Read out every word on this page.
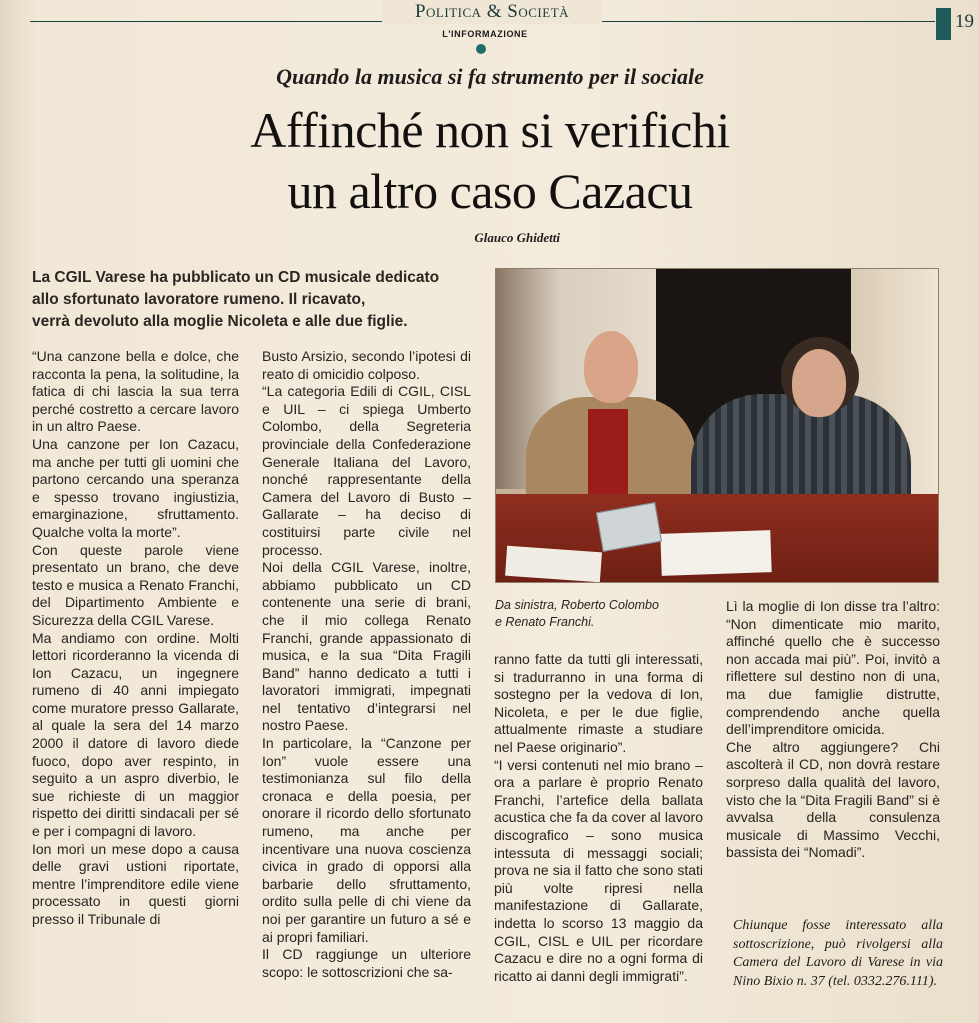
Politica & Società
L'INFORMAZIONE
19
Quando la musica si fa strumento per il sociale
Affinché non si verifichi
un altro caso Cazacu
Glauco Ghidetti
La CGIL Varese ha pubblicato un CD musicale dedicato
allo sfortunato lavoratore rumeno. Il ricavato,
verrà devoluto alla moglie Nicoleta e alle due figlie.

“Una canzone bella e dolce, che racconta la pena, la solitudine, la fatica di chi lascia la sua terra perché costretto a cercare lavoro in un altro Paese.

Una canzone per Ion Cazacu, ma anche per tutti gli uomini che partono cercando una speranza e spesso trovano ingiustizia, emarginazione, sfruttamento. Qualche volta la morte”.

Con queste parole viene presentato un brano, che deve testo e musica a Renato Franchi, del Dipartimento Ambiente e Sicurezza della CGIL Varese.

Ma andiamo con ordine. Molti lettori ricorderanno la vicenda di Ion Cazacu, un ingegnere rumeno di 40 anni impiegato come muratore presso Gallarate, al quale la sera del 14 marzo 2000 il datore di lavoro diede fuoco, dopo aver respinto, in seguito a un aspro diverbio, le sue richieste di un maggior rispetto dei diritti sindacali per sé e per i compagni di lavoro.

Ion morì un mese dopo a causa delle gravi ustioni riportate, mentre l’imprenditore edile viene processato in questi giorni presso il Tribunale di

Busto Arsizio, secondo l’ipotesi di reato di omicidio colposo.

“La categoria Edili di CGIL, CISL e UIL – ci spiega Umberto Colombo, della Segreteria provinciale della Confederazione Generale Italiana del Lavoro, nonché rappresentante della Camera del Lavoro di Busto – Gallarate – ha deciso di costituirsi parte civile nel processo.

Noi della CGIL Varese, inoltre, abbiamo pubblicato un CD contenente una serie di brani, che il mio collega Renato Franchi, grande appassionato di musica, e la sua “Dita Fragili Band” hanno dedicato a tutti i lavoratori immigrati, impegnati nel tentativo d’integrarsi nel nostro Paese.

In particolare, la “Canzone per Ion” vuole essere una testimonianza sul filo della cronaca e della poesia, per onorare il ricordo dello sfortunato rumeno, ma anche per incentivare una nuova coscienza civica in grado di opporsi alla barbarie dello sfruttamento, ordito sulla pelle di chi viene da noi per garantire un futuro a sé e ai propri familiari.

Il CD raggiunge un ulteriore scopo: le sottoscrizioni che sa-

Da sinistra, Roberto Colombo
e Renato Franchi.

ranno fatte da tutti gli interessati, si tradurranno in una forma di sostegno per la vedova di Ion, Nicoleta, e per le due figlie, attualmente rimaste a studiare nel Paese originario”.

“I versi contenuti nel mio brano – ora a parlare è proprio Renato Franchi, l’artefice della ballata acustica che fa da cover al lavoro discografico – sono musica intessuta di messaggi sociali; prova ne sia il fatto che sono stati più volte ripresi nella manifestazione di Gallarate, indetta lo scorso 13 maggio da CGIL, CISL e UIL per ricordare Cazacu e dire no a ogni forma di ricatto ai danni degli immigrati”.

Lì la moglie di Ion disse tra l’altro: “Non dimenticate mio marito, affinché quello che è successo non accada mai più”. Poi, invitò a riflettere sul destino non di una, ma due famiglie distrutte, comprendendo anche quella dell’imprenditore omicida.

Che altro aggiungere? Chi ascolterà il CD, non dovrà restare sorpreso dalla qualità del lavoro, visto che la “Dita Fragili Band” si è avvalsa della consulenza musicale di Massimo Vecchi, bassista dei “Nomadi”.

Chiunque fosse interessato alla sottoscrizione, può rivolgersi alla Camera del Lavoro di Varese in via Nino Bixio n. 37 (tel. 0332.276.111).
